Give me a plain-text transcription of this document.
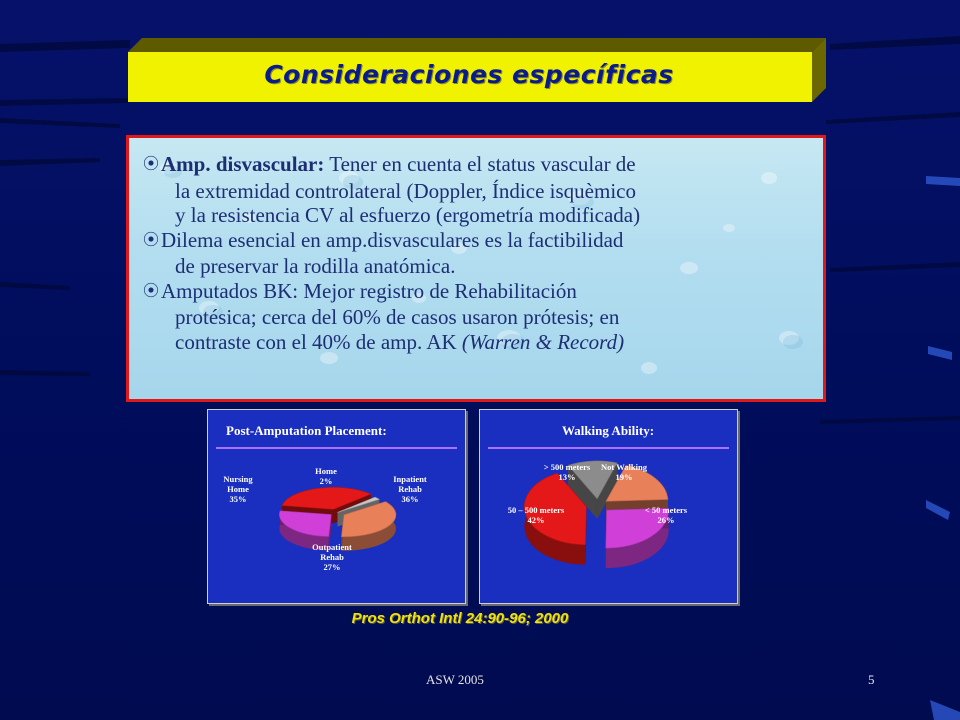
Consideraciones específicas
⦿Amp. disvascular: Tener en cuenta el status vascular de
la extremidad controlateral (Doppler, Índice isquèmico
y la resistencia CV al esfuerzo (ergometría modificada)
⦿Dilema esencial en amp.disvasculares es la factibilidad
de preservar la rodilla anatómica.
⦿Amputados BK: Mejor registro de Rehabilitación
protésica; cerca del 60% de casos usaron prótesis; en
contraste con el 40% de amp. AK (Warren & Record)
Post-Amputation Placement:
Nursing Home
35%
Home
2%	Inpatient Rehab
36%
Outpatient Rehab
27%
Walking Ability:
> 500 meters
13%
Not Walking
19%
< 50 meters
26%
50 – 500 meters
42%
Pros Orthot Intl 24:90-96; 2000
ASW 2005	5
